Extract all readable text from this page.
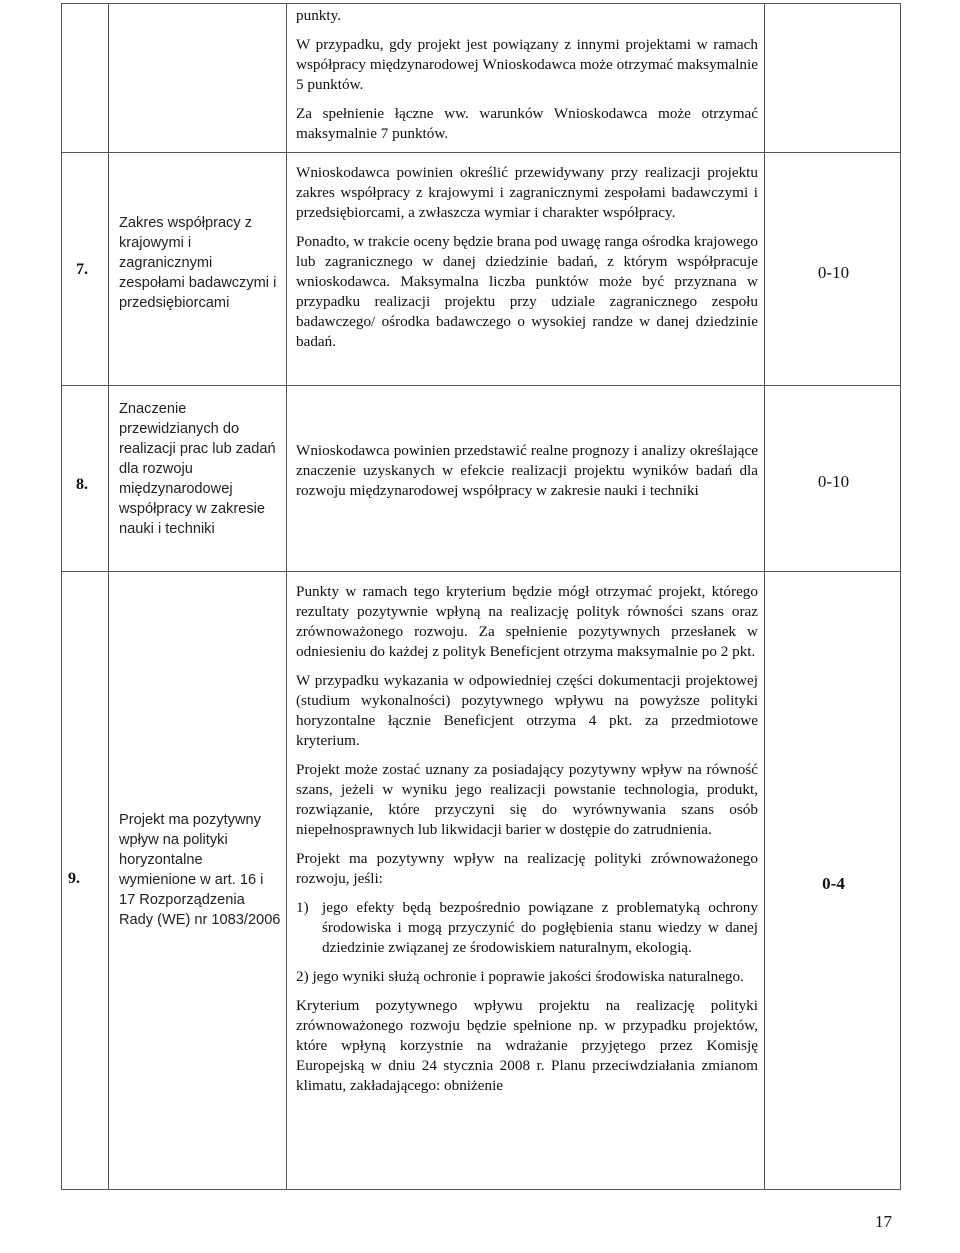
punkty.

W przypadku, gdy projekt jest powiązany z innymi projektami w ramach współpracy międzynarodowej Wnioskodawca może otrzymać maksymalnie 5 punktów.

Za spełnienie łączne ww. warunków Wnioskodawca może otrzymać maksymalnie 7 punktów.

7.
Zakres współpracy z krajowymi i zagranicznymi zespołami badawczymi i przedsiębiorcami

Wnioskodawca powinien określić przewidywany przy realizacji projektu zakres współpracy z krajowymi i zagranicznymi zespołami badawczymi i przedsiębiorcami, a zwłaszcza wymiar i charakter współpracy.

Ponadto, w trakcie oceny będzie brana pod uwagę ranga ośrodka krajowego lub zagranicznego w danej dziedzinie badań, z którym współpracuje wnioskodawca. Maksymalna liczba punktów może być przyznana w przypadku realizacji projektu przy udziale zagranicznego zespołu badawczego/ ośrodka badawczego o wysokiej randze w danej dziedzinie badań.

0-10
8.
Znaczenie przewidzianych do realizacji prac lub zadań dla rozwoju międzynarodowej współpracy w zakresie nauki i techniki

Wnioskodawca powinien przedstawić realne prognozy i analizy określające znaczenie uzyskanych w efekcie realizacji projektu wyników badań dla rozwoju międzynarodowej współpracy w zakresie nauki i techniki	0-10
9.
Projekt ma pozytywny wpływ na polityki horyzontalne wymienione w art. 16 i 17 Rozporządzenia Rady (WE) nr 1083/2006

Punkty w ramach tego kryterium będzie mógł otrzymać projekt, którego rezultaty pozytywnie wpłyną na realizację polityk równości szans oraz zrównoważonego rozwoju. Za spełnienie pozytywnych przesłanek w odniesieniu do każdej z polityk Beneficjent otrzyma maksymalnie po 2 pkt.

W przypadku wykazania w odpowiedniej części dokumentacji projektowej (studium wykonalności) pozytywnego wpływu na powyższe polityki horyzontalne łącznie Beneficjent otrzyma 4 pkt. za przedmiotowe kryterium.

Projekt może zostać uznany za posiadający pozytywny wpływ na równość szans, jeżeli w wyniku jego realizacji powstanie technologia, produkt, rozwiązanie, które przyczyni się do wyrównywania szans osób niepełnosprawnych lub likwidacji barier w dostępie do zatrudnienia.

Projekt ma pozytywny wpływ na realizację polityki zrównoważonego rozwoju, jeśli:

1) jego efekty będą bezpośrednio powiązane z problematyką ochrony środowiska i mogą przyczynić do pogłębienia stanu wiedzy w danej dziedzinie związanej ze środowiskiem naturalnym, ekologią.

2) jego wyniki służą ochronie i poprawie jakości środowiska naturalnego.

Kryterium pozytywnego wpływu projektu na realizację polityki zrównoważonego rozwoju będzie spełnione np. w przypadku projektów, które wpłyną korzystnie na wdrażanie przyjętego przez Komisję Europejską w dniu 24 stycznia 2008 r. Planu przeciwdziałania zmianom klimatu, zakładającego: obniżenie

0-4
17
